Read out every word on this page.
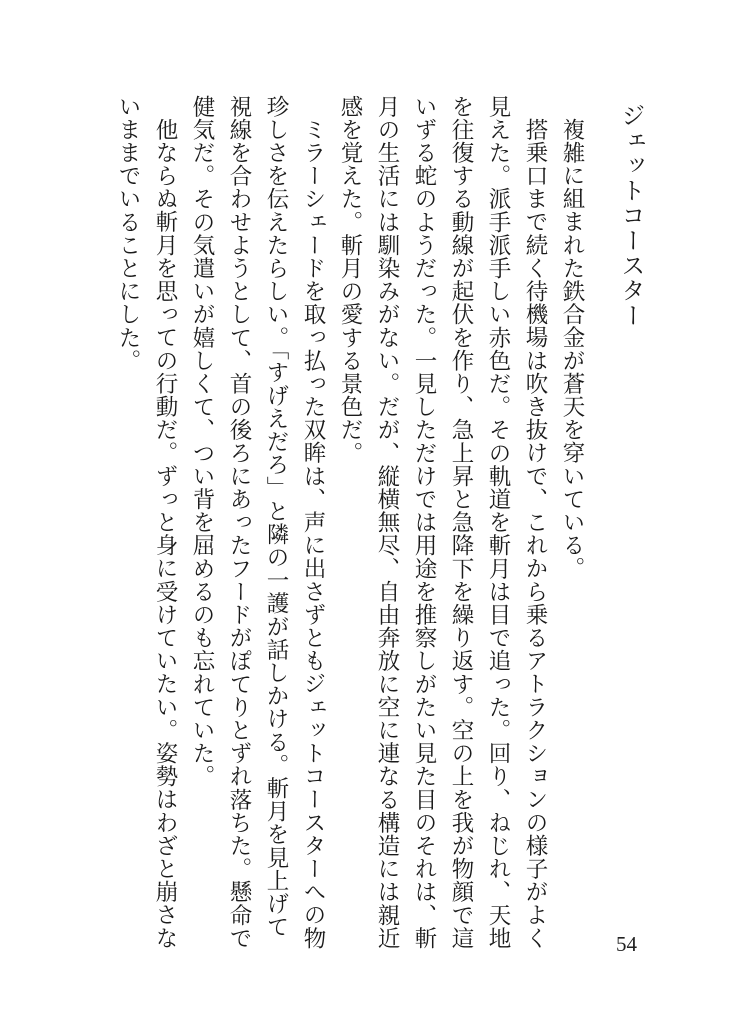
ジェットコースター

複雑に組まれた鉄合金が蒼天を穿いている。

搭乗口まで続く待機場は吹き抜けで、これから乗るアトラクションの様子がよく見えた。派手派手しい赤色だ。その軌道を斬月は目で追った。回り、ねじれ、天地を往復する動線が起伏を作り、急上昇と急降下を繰り返す。空の上を我が物顔で這いずる蛇のようだった。一見しただけでは用途を推察しがたい見た目のそれは、斬月の生活には馴染みがない。だが、縦横無尽、自由奔放に空に連なる構造には親近感を覚えた。斬月の愛する景色だ。

ミラーシェードを取っ払った双眸は、声に出さずともジェットコースターへの物珍しさを伝えたらしい。「すげえだろ」と隣の一護が話しかける。斬月を見上げて視線を合わせようとして、首の後ろにあったフードがぽてりとずれ落ちた。懸命で健気だ。その気遣いが嬉しくて、つい背を屈めるのも忘れていた。

他ならぬ斬月を思っての行動だ。ずっと身に受けていたい。姿勢はわざと崩さないままでいることにした。

54
